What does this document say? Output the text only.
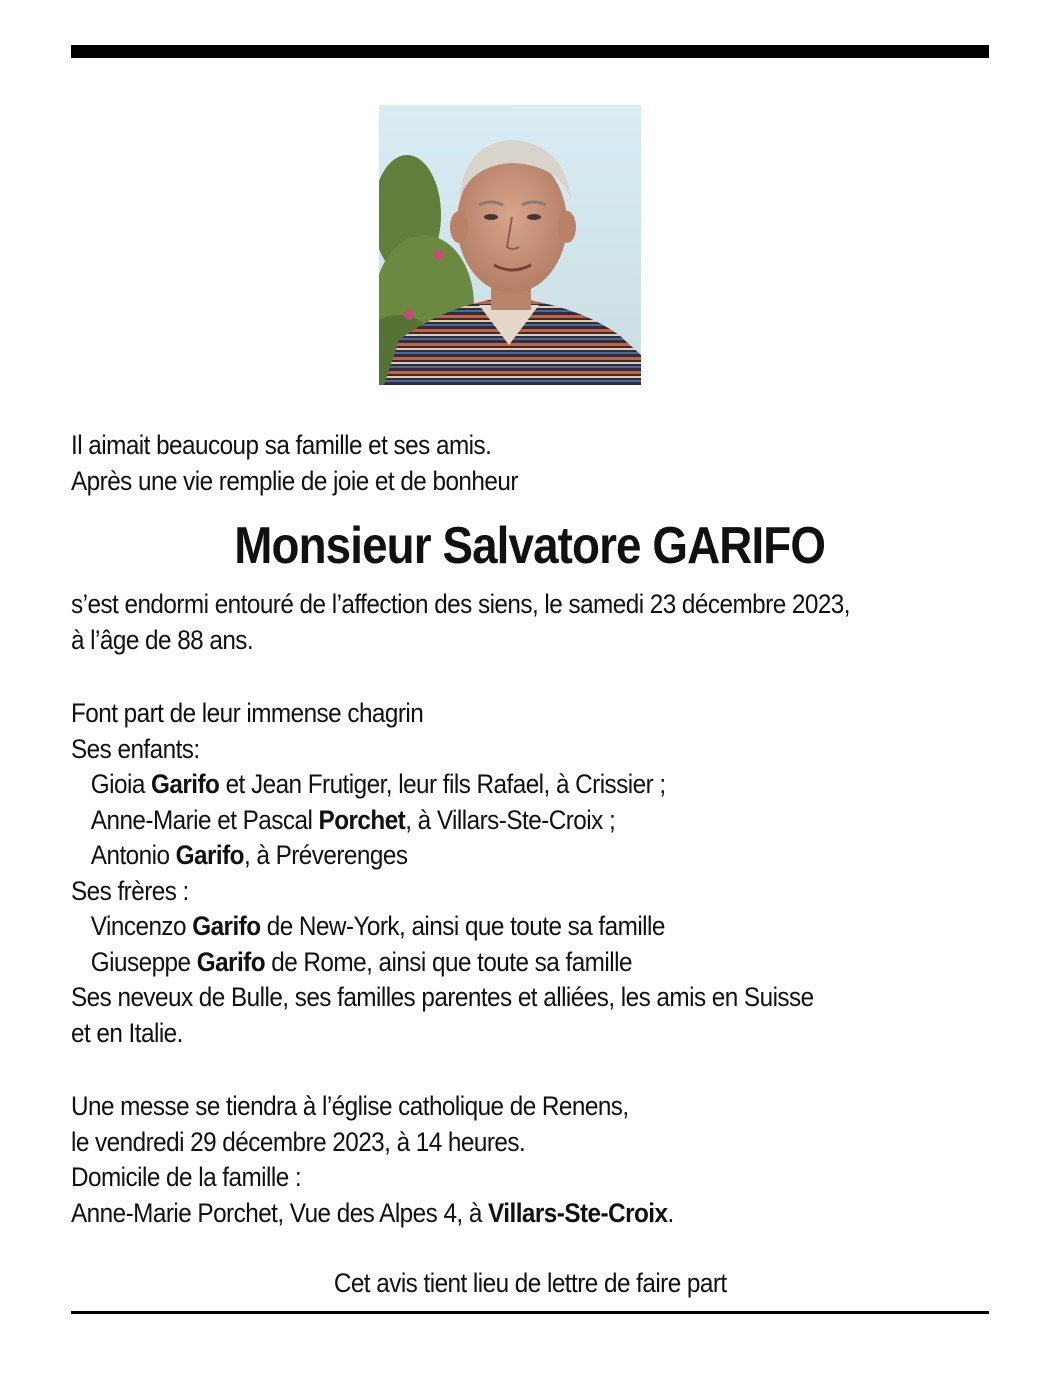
Il aimait beaucoup sa famille et ses amis.
Après une vie remplie de joie et de bonheur
Monsieur Salvatore GARIFO
s’est endormi entouré de l’affection des siens, le samedi 23 décembre 2023,
à l’âge de 88 ans.
Font part de leur immense chagrin
Ses enfants:
Gioia Garifo et Jean Frutiger, leur fils Rafael, à Crissier ;
Anne-Marie et Pascal Porchet, à Villars-Ste-Croix ;
Antonio Garifo, à Préverenges
Ses frères :
Vincenzo Garifo de New-York, ainsi que toute sa famille
Giuseppe Garifo de Rome, ainsi que toute sa famille
Ses neveux de Bulle, ses familles parentes et alliées, les amis en Suisse
et en Italie.
Une messe se tiendra à l’église catholique de Renens,
le vendredi 29 décembre 2023, à 14 heures.
Domicile de la famille :
Anne-Marie Porchet, Vue des Alpes 4, à Villars-Ste-Croix.
Cet avis tient lieu de lettre de faire part
